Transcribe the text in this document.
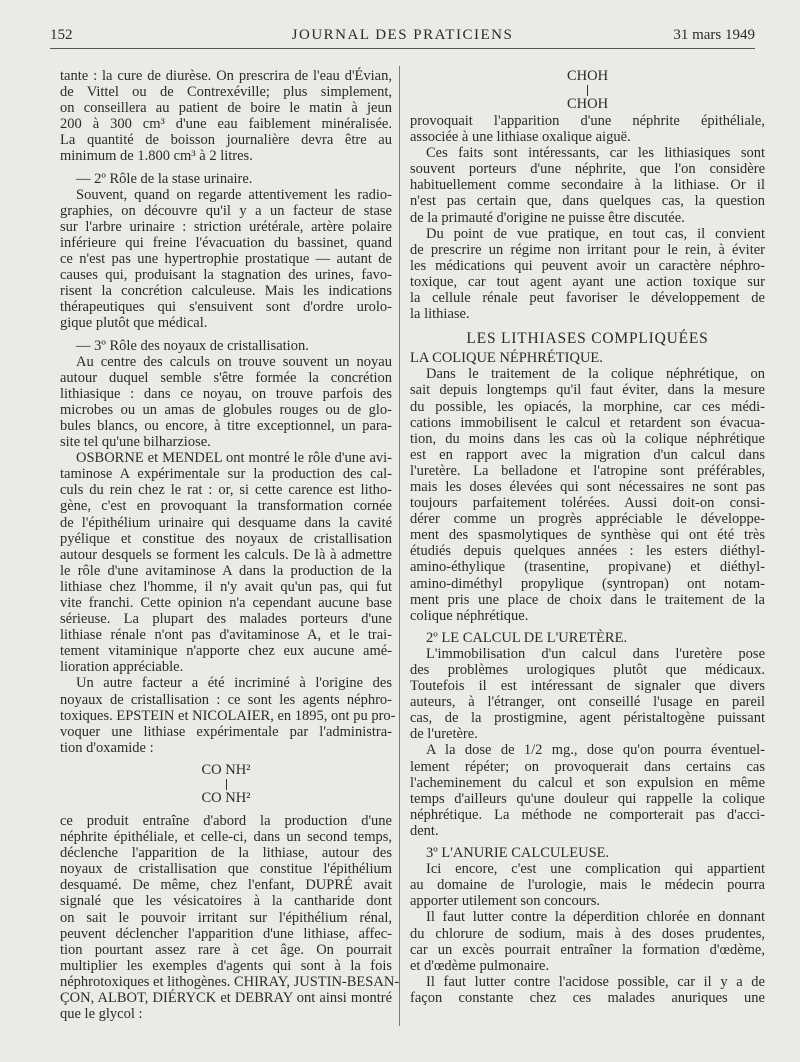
152	JOURNAL DES PRATICIENS	31 mars 1949
tante : la cure de diurèse. On prescrira de l'eau d'Évian,
de Vittel ou de Contrexéville; plus simplement,
on conseillera au patient de boire le matin à jeun
200 à 300 cm³ d'une eau faiblement minéralisée.
La quantité de boisson journalière devra être au
minimum de 1.800 cm³ à 2 litres.
— 2º Rôle de la stase urinaire.
Souvent, quand on regarde attentivement les radio-
graphies, on découvre qu'il y a un facteur de stase
sur l'arbre urinaire : striction urétérale, artère polaire
inférieure qui freine l'évacuation du bassinet, quand
ce n'est pas une hypertrophie prostatique — autant de
causes qui, produisant la stagnation des urines, favo-
risent la concrétion calculeuse. Mais les indications
thérapeutiques qui s'ensuivent sont d'ordre urolo-
gique plutôt que médical.
— 3º Rôle des noyaux de cristallisation.
Au centre des calculs on trouve souvent un noyau
autour duquel semble s'être formée la concrétion
lithiasique : dans ce noyau, on trouve parfois des
microbes ou un amas de globules rouges ou de glo-
bules blancs, ou encore, à titre exceptionnel, un para-
site tel qu'une bilharziose.
OSBORNE et MENDEL ont montré le rôle d'une avi-
taminose A expérimentale sur la production des cal-
culs du rein chez le rat : or, si cette carence est litho-
gène, c'est en provoquant la transformation cornée
de l'épithélium urinaire qui desquame dans la cavité
pyélique et constitue des noyaux de cristallisation
autour desquels se forment les calculs. De là à admettre
le rôle d'une avitaminose A dans la production de la
lithiase chez l'homme, il n'y avait qu'un pas, qui fut
vite franchi. Cette opinion n'a cependant aucune base
sérieuse. La plupart des malades porteurs d'une
lithiase rénale n'ont pas d'avitaminose A, et le trai-
tement vitaminique n'apporte chez eux aucune amé-
lioration appréciable.
Un autre facteur a été incriminé à l'origine des
noyaux de cristallisation : ce sont les agents néphro-
toxiques. EPSTEIN et NICOLAIER, en 1895, ont pu pro-
voquer une lithiase expérimentale par l'administra-
tion d'oxamide :
CO NH²
CO NH²
ce produit entraîne d'abord la production d'une
néphrite épithéliale, et celle-ci, dans un second temps,
déclenche l'apparition de la lithiase, autour des
noyaux de cristallisation que constitue l'épithélium
desquamé. De même, chez l'enfant, DUPRÉ avait
signalé que les vésicatoires à la cantharide dont
on sait le pouvoir irritant sur l'épithélium rénal,
peuvent déclencher l'apparition d'une lithiase, affec-
tion pourtant assez rare à cet âge. On pourrait
multiplier les exemples d'agents qui sont à la fois
néphrotoxiques et lithogènes. CHIRAY, JUSTIN-BESAN-
ÇON, ALBOT, DIÉRYCK et DEBRAY ont ainsi montré
que le glycol :
CHOH
CHOH
provoquait l'apparition d'une néphrite épithéliale,
associée à une lithiase oxalique aiguë.
Ces faits sont intéressants, car les lithiasiques sont
souvent porteurs d'une néphrite, que l'on considère
habituellement comme secondaire à la lithiase. Or il
n'est pas certain que, dans quelques cas, la question
de la primauté d'origine ne puisse être discutée.
Du point de vue pratique, en tout cas, il convient
de prescrire un régime non irritant pour le rein, à éviter
les médications qui peuvent avoir un caractère néphro-
toxique, car tout agent ayant une action toxique sur
la cellule rénale peut favoriser le développement de
la lithiase.
LES LITHIASES COMPLIQUÉES
LA COLIQUE NÉPHRÉTIQUE.
Dans le traitement de la colique néphrétique, on
sait depuis longtemps qu'il faut éviter, dans la mesure
du possible, les opiacés, la morphine, car ces médi-
cations immobilisent le calcul et retardent son évacua-
tion, du moins dans les cas où la colique néphrétique
est en rapport avec la migration d'un calcul dans
l'uretère. La belladone et l'atropine sont préférables,
mais les doses élevées qui sont nécessaires ne sont pas
toujours parfaitement tolérées. Aussi doit-on consi-
dérer comme un progrès appréciable le développe-
ment des spasmolytiques de synthèse qui ont été très
étudiés depuis quelques années : les esters diéthyl-
amino-éthylique (trasentine, propivane) et diéthyl-
amino-diméthyl propylique (syntropan) ont notam-
ment pris une place de choix dans le traitement de la
colique néphrétique.
2º LE CALCUL DE L'URETÈRE.
L'immobilisation d'un calcul dans l'uretère pose
des problèmes urologiques plutôt que médicaux.
Toutefois il est intéressant de signaler que divers
auteurs, à l'étranger, ont conseillé l'usage en pareil
cas, de la prostigmine, agent péristaltogène puissant
de l'uretère.
A la dose de 1/2 mg., dose qu'on pourra éventuel-
lement répéter; on provoquerait dans certains cas
l'acheminement du calcul et son expulsion en même
temps d'ailleurs qu'une douleur qui rappelle la colique
néphrétique. La méthode ne comporterait pas d'acci-
dent.
3º L'ANURIE CALCULEUSE.
Ici encore, c'est une complication qui appartient
au domaine de l'urologie, mais le médecin pourra
apporter utilement son concours.
Il faut lutter contre la déperdition chlorée en donnant
du chlorure de sodium, mais à des doses prudentes,
car un excès pourrait entraîner la formation d'œdème,
et d'œdème pulmonaire.
Il faut lutter contre l'acidose possible, car il y a de
façon constante chez ces malades anuriques une
